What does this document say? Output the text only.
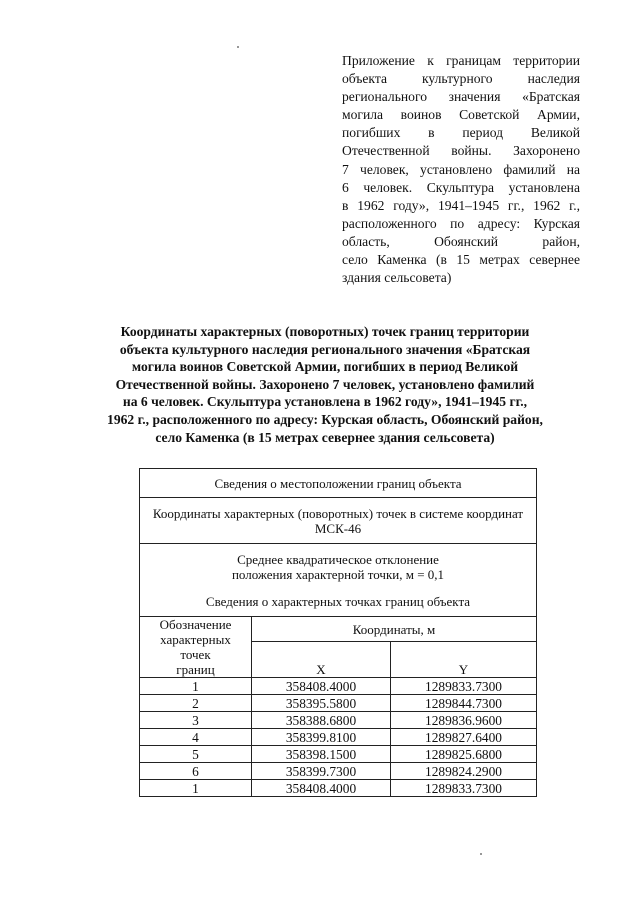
Приложение к границам территории
объекта культурного наследия
регионального значения «Братская
могила воинов Советской Армии,
погибших в период Великой
Отечественной войны. Захоронено
7 человек, установлено фамилий на
6 человек. Скульптура установлена
в 1962 году», 1941–1945 гг., 1962 г.,
расположенного по адресу: Курская
область, Обоянский район,
село Каменка (в 15 метрах севернее
здания сельсовета)
Координаты характерных (поворотных) точек границ территории
объекта культурного наследия регионального значения «Братская
могила воинов Советской Армии, погибших в период Великой
Отечественной войны. Захоронено 7 человек, установлено фамилий
на 6 человек. Скульптура установлена в 1962 году», 1941–1945 гг.,
1962 г., расположенного по адресу: Курская область, Обоянский район,
село Каменка (в 15 метрах севернее здания сельсовета)
Сведения о местоположении границ объекта		

Координаты характерных (поворотных) точек в системе координат
МСК-46		

Среднее квадратическое отклонение
положения характерной точки, м = 0,1
Сведения о характерных точках границ объекта		

Обозначение
характерных точек
границ	Координаты, м	
	X	Y
1	358408.4000	1289833.7300
2	358395.5800	1289844.7300
3	358388.6800	1289836.9600
4	358399.8100	1289827.6400
5	358398.1500	1289825.6800
6	358399.7300	1289824.2900
1	358408.4000	1289833.7300
